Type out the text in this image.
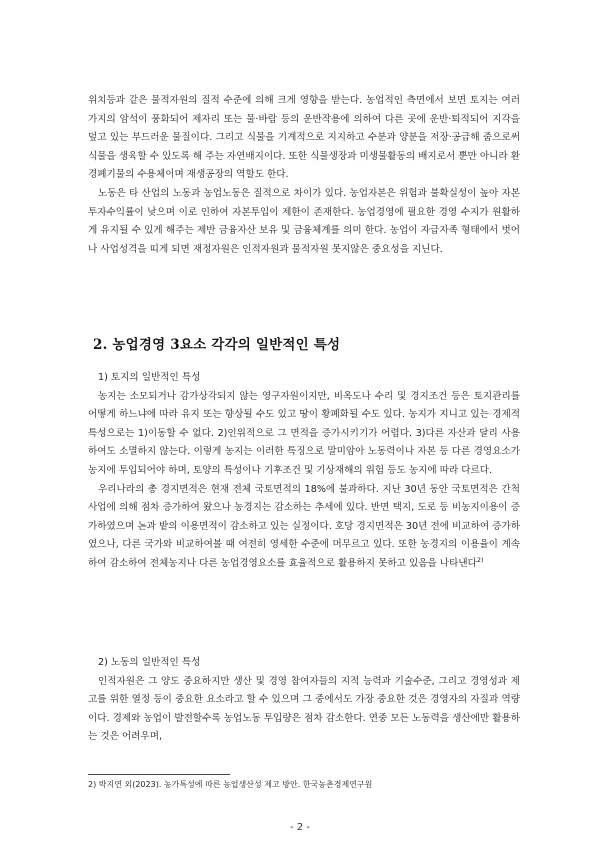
위치등과 같은 물적자원의 질적 수준에 의해 크게 영향을 받는다. 농업적인 측면에서 보면 토지는 여러 가지의 암석이 풍화되어 제자리 또는 물·바람 등의 운반작용에 의하여 다른 곳에 운반·퇴적되어 지각을 덮고 있는 부드러운 물질이다. 그리고 식물을 기계적으로 지지하고 수분과 양분을 저장·공급해 줌으로써 식물을 생육할 수 있도록 해 주는 자연배지이다. 또한 식물생장과 미생물활동의 배지로서 뿐만 아니라 환경폐기물의 수용체이며 재생공장의 역할도 한다.

노동은 타 산업의 노동과 농업노동은 질적으로 차이가 있다. 농업자본은 위험과 불확실성이 높아 자본투자수익률이 낮으며 이로 인하여 자본투입이 제한이 존재한다. 농업경영에 필요한 경영 수지가 원활하게 유지될 수 있게 해주는 제반 금융자산 보유 및 금융체계를 의미 한다. 농업이 자급자족 형태에서 벗어나 사업성격을 띠게 되면 재정자원은 인적자원과 물적자원 못지않은 중요성을 지닌다.

2. 농업경영 3요소 각각의 일반적인 특성

1) 토지의 일반적인 특성

농지는 소모되거나 감가상각되지 않는 영구자원이지만, 비옥도나 수리 및 경지조건 등은 토지관리를 어떻게 하느냐에 따라 유지 또는 향상될 수도 있고 땅이 황폐화될 수도 있다. 농지가 지니고 있는 경제적 특성으로는 1)이동할 수 없다. 2)인위적으로 그 면적을 증가시키기가 어렵다. 3)다른 자산과 달리 사용하여도 소멸하지 않는다. 이렇게 농지는 이러한 특징으로 말미암아 노동력이나 자본 등 다른 경영요소가 농지에 투입되어야 하며, 토양의 특성이나 기후조건 및 기상재해의 위험 등도 농지에 따라 다르다.

우리나라의 총 경지면적은 현재 전체 국토면적의 18%에 불과하다. 지난 30년 동안 국토면적은 간척사업에 의해 점차 증가하여 왔으나 농경지는 감소하는 추세에 있다. 반면 택지, 도로 등 비농지이용이 증가하였으며 논과 밭의 이용면적이 감소하고 있는 실정이다. 호당 경지면적은 30년 전에 비교하여 증가하였으나, 다른 국가와 비교하여볼 때 여전히 영세한 수준에 머무르고 있다. 또한 농경지의 이용율이 계속하여 감소하여 전체농지나 다른 농업경영요소를 효율적으로 활용하지 못하고 있음을 나타낸다$^{2)}$

2) 노동의 일반적인 특성

인적자원은 그 양도 중요하지만 생산 및 경영 참여자들의 지적 능력과 기술수준, 그리고 경영성과 제고를 위한 열정 등이 중요한 요소라고 할 수 있으며 그 중에서도 가장 중요한 것은 경영자의 자질과 역량이다. 경제와 농업이 발전할수록 농업노동 투입량은 점차 감소한다. 연중 모든 노동력을 생산에만 활용하는 것은 어려우며,

2) 박지연 외(2023). 농가특성에 따른 농업생산성 제고 방안. 한국농촌경제연구원
- 2 -
